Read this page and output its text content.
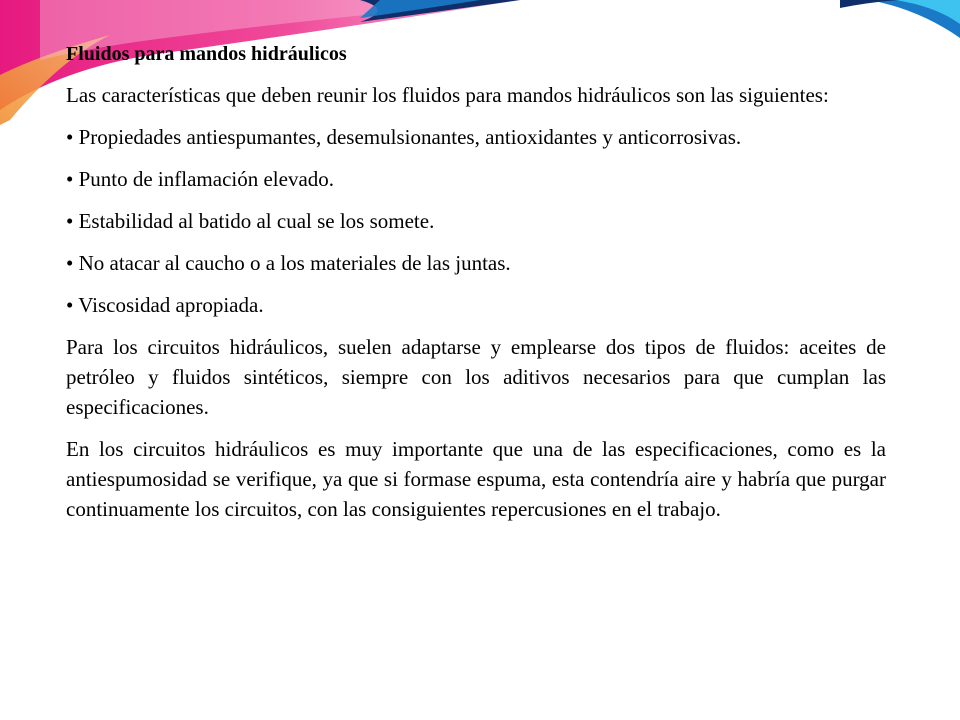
Fluidos para mandos hidráulicos

Las características que deben reunir los fluidos para mandos hidráulicos son las siguientes:

• Propiedades antiespumantes, desemulsionantes, antioxidantes y anticorrosivas.

• Punto de inflamación elevado.

• Estabilidad al batido al cual se los somete.

• No atacar al caucho o a los materiales de las juntas.

• Viscosidad apropiada.

Para los circuitos hidráulicos, suelen adaptarse y emplearse dos tipos de fluidos: aceites de petróleo y fluidos sintéticos, siempre con los aditivos necesarios para que cumplan las especificaciones.

En los circuitos hidráulicos es muy importante que una de las especificaciones, como es la antiespumosidad se verifique, ya que si formase espuma, esta contendría aire y habría que purgar continuamente los circuitos, con las consiguientes repercusiones en el trabajo.
